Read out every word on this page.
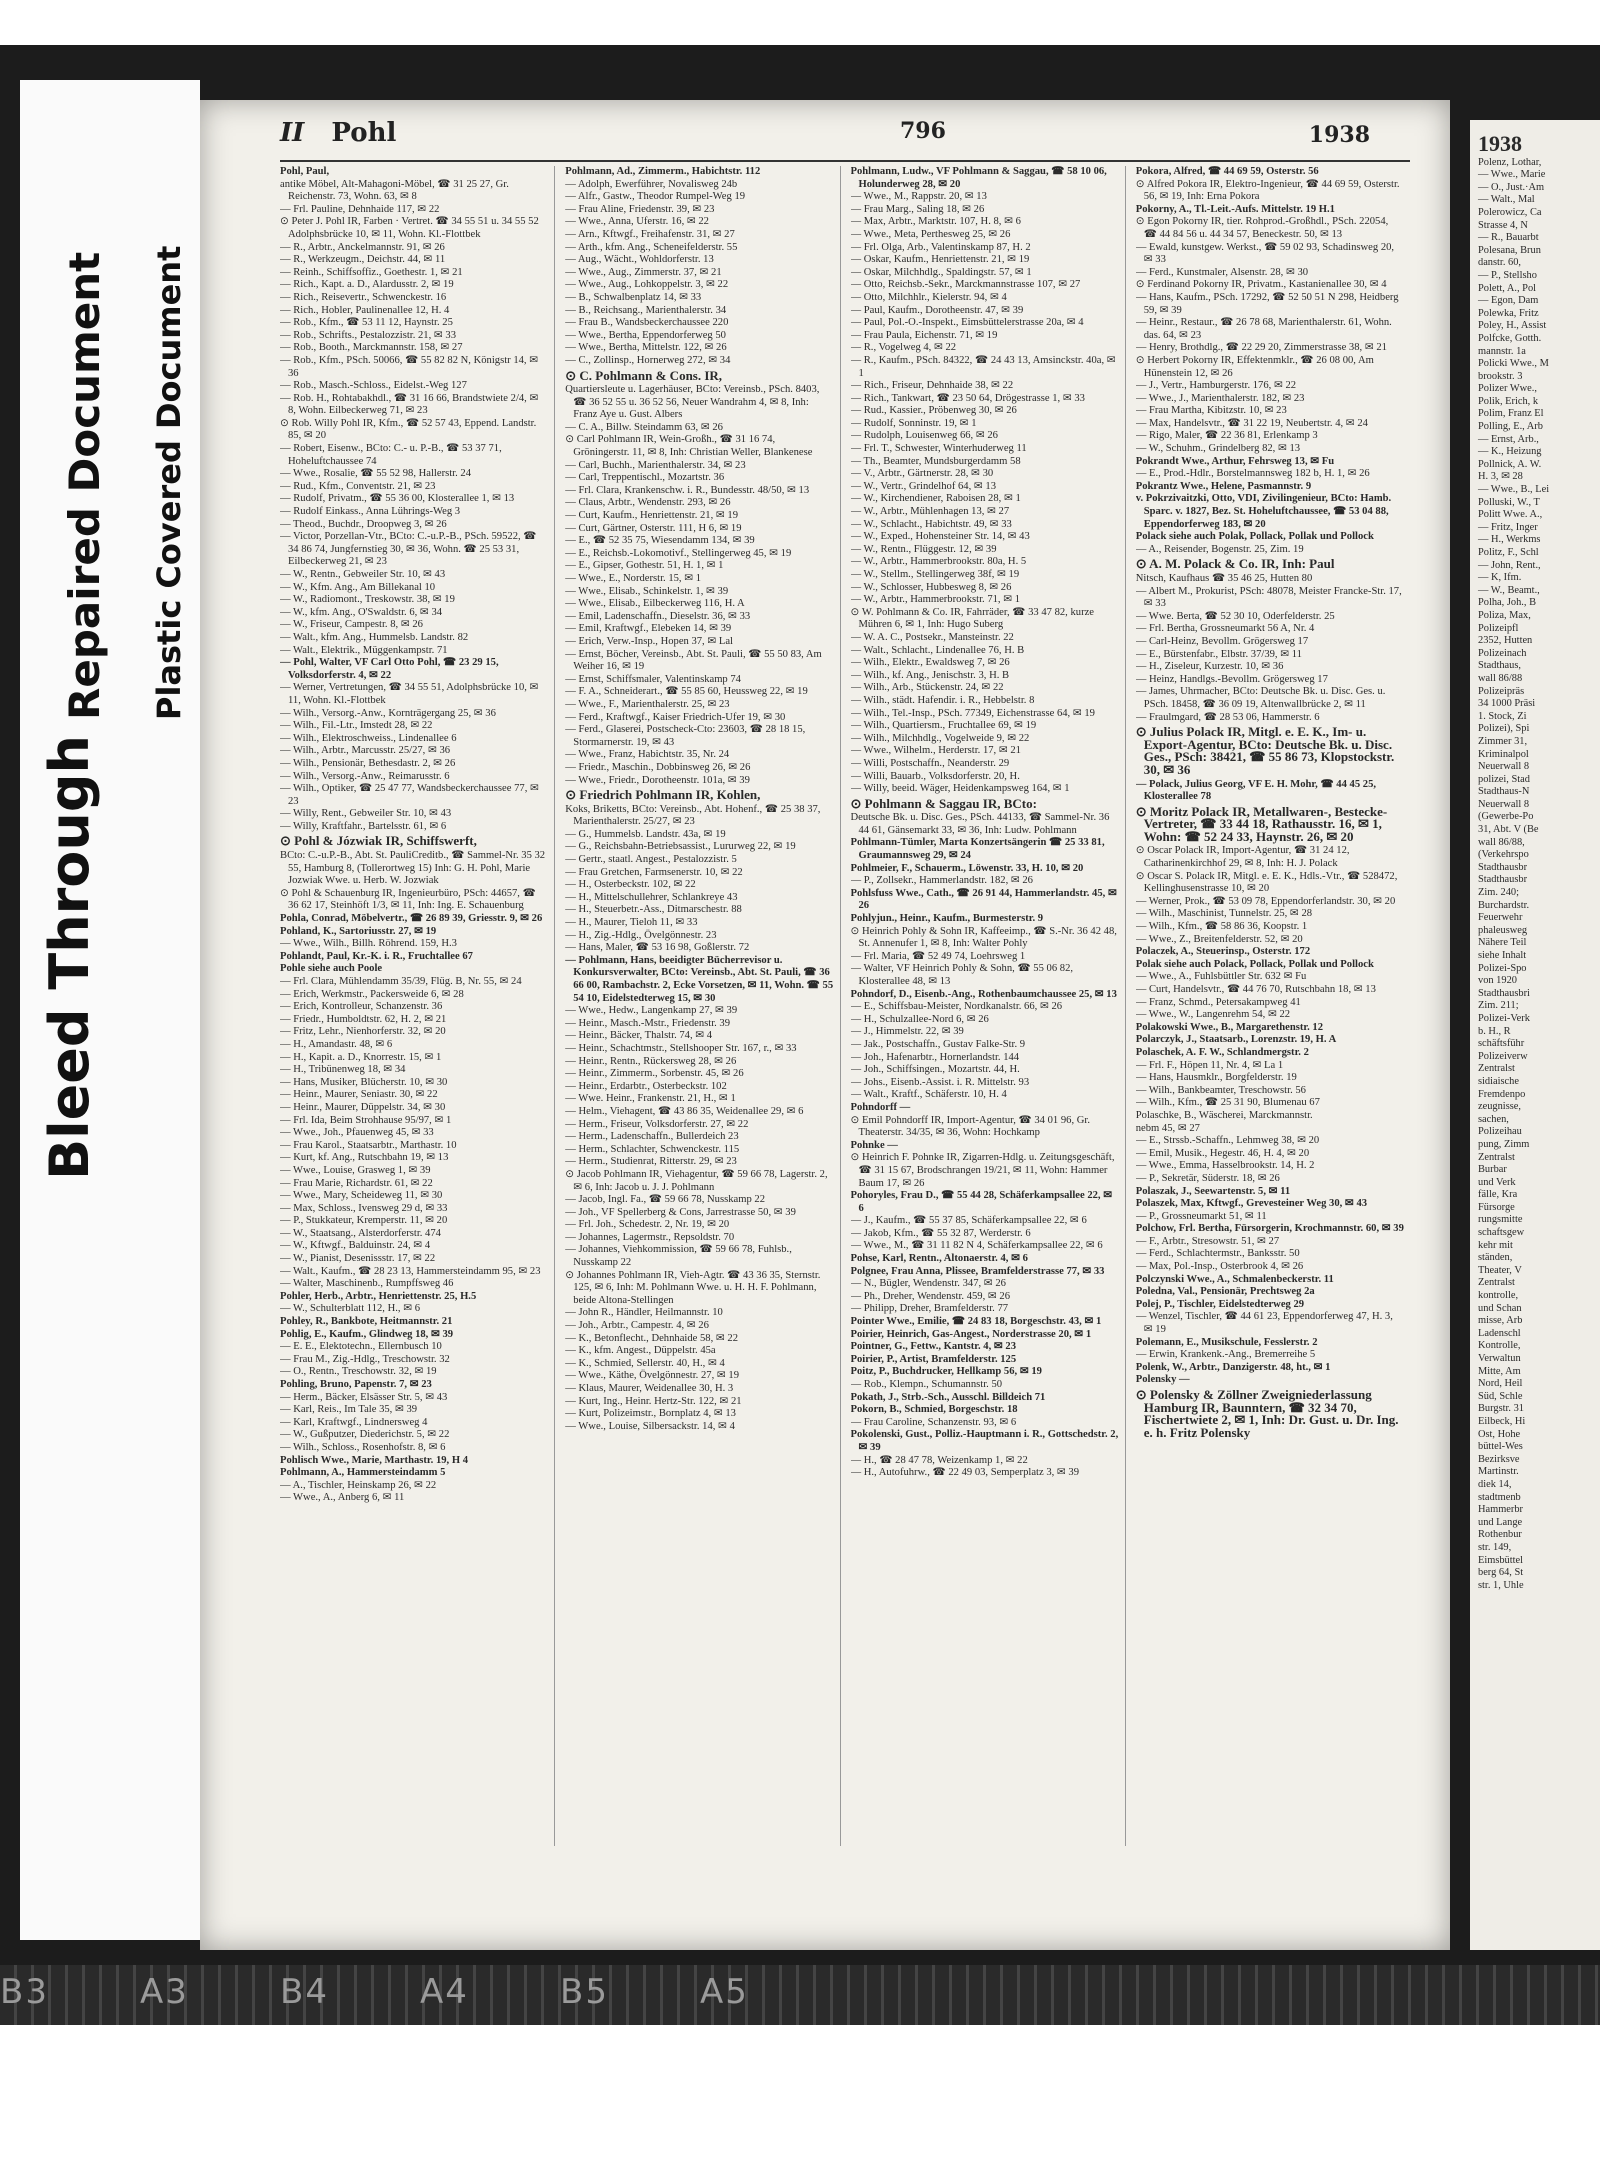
B3	A3	B4	A4	B5	A5
Bleed Through
Repaired Document Plastic Covered Document
II Pohl	796	1938

Pohl, Paul,

antike Möbel, Alt-Mahagoni-Möbel, ☎ 31 25 27, Gr. Reichenstr. 73, Wohn. 63, ✉ 8

— Frl. Pauline, Dehnhaide 117, ✉ 22

⊙ Peter J. Pohl IR, Farben · Vertret. ☎ 34 55 51 u. 34 55 52 Adolphsbrücke 10, ✉ 11, Wohn. Kl.-Flottbek

— R., Arbtr., Anckelmannstr. 91, ✉ 26

— R., Werkzeugm., Deichstr. 44, ✉ 11

— Reinh., Schiffsoffiz., Goethestr. 1, ✉ 21

— Rich., Kapt. a. D., Alardusstr. 2, ✉ 19

— Rich., Reisevertr., Schwenckestr. 16

— Rich., Hobler, Paulinenallee 12, H. 4

— Rob., Kfm., ☎ 53 11 12, Haynstr. 25

— Rob., Schrifts., Pestalozzistr. 21, ✉ 33

— Rob., Booth., Marckmannstr. 158, ✉ 27

— Rob., Kfm., PSch. 50066, ☎ 55 82 82 N, Königstr 14, ✉ 36

— Rob., Masch.-Schloss., Eidelst.-Weg 127

— Rob. H., Rohtabakhdl., ☎ 31 16 66, Brandstwiete 2/4, ✉ 8, Wohn. Eilbeckerweg 71, ✉ 23

⊙ Rob. Willy Pohl IR, Kfm., ☎ 52 57 43, Eppend. Landstr. 85, ✉ 20

— Robert, Eisenw., BCto: C.- u. P.-B., ☎ 53 37 71, Hoheluftchaussee 74

— Wwe., Rosalie, ☎ 55 52 98, Hallerstr. 24

— Rud., Kfm., Conventstr. 21, ✉ 23

— Rudolf, Privatm., ☎ 55 36 00, Klosterallee 1, ✉ 13

— Rudolf Einkass., Anna Lührings-Weg 3

— Theod., Buchdr., Droopweg 3, ✉ 26

— Victor, Porzellan-Vtr., BCto: C.-u.P.-B., PSch. 59522, ☎ 34 86 74, Jungfernstieg 30, ✉ 36, Wohn. ☎ 25 53 31, Eilbeckerweg 21, ✉ 23

— W., Rentn., Gebweiler Str. 10, ✉ 43

— W., Kfm. Ang., Am Billekanal 10

— W., Radiomont., Treskowstr. 38, ✉ 19

— W., kfm. Ang., O'Swaldstr. 6, ✉ 34

— W., Friseur, Campestr. 8, ✉ 26

— Walt., kfm. Ang., Hummelsb. Landstr. 82

— Walt., Elektrik., Müggenkampstr. 71

— Pohl, Walter, VF Carl Otto Pohl, ☎ 23 29 15, Volksdorferstr. 4, ✉ 22

— Werner, Vertretungen, ☎ 34 55 51, Adolphsbrücke 10, ✉ 11, Wohn. Kl.-Flottbek

— Wilh., Versorg.-Anw., Kornträgergang 25, ✉ 36

— Wilh., Fil.-Ltr., Imstedt 28, ✉ 22

— Wilh., Elektroschweiss., Lindenallee 6

— Wilh., Arbtr., Marcusstr. 25/27, ✉ 36

— Wilh., Pensionär, Bethesdastr. 2, ✉ 26

— Wilh., Versorg.-Anw., Reimarusstr. 6

— Wilh., Optiker, ☎ 25 47 77, Wandsbeckerchaussee 77, ✉ 23

— Willy, Rent., Gebweiler Str. 10, ✉ 43

— Willy, Kraftfahr., Bartelsstr. 61, ✉ 6

⊙ Pohl & Józwiak IR, Schiffswerft,

BCto: C.-u.P.-B., Abt. St. PauliCreditb., ☎ Sammel-Nr. 35 32 55, Hamburg 8, (Tollerortweg 15) Inh: G. H. Pohl, Marie Jozwiak Wwe. u. Herb. W. Jozwiak

⊙ Pohl & Schauenburg IR, Ingenieurbüro, PSch: 44657, ☎ 36 62 17, Steinhöft 1/3, ✉ 11, Inh: Ing. E. Schauenburg

Pohla, Conrad, Möbelvertr., ☎ 26 89 39, Griesstr. 9, ✉ 26

Pohland, K., Sartoriusstr. 27, ✉ 19

— Wwe., Wilh., Billh. Röhrend. 159, H.3

Pohlandt, Paul, Kr.-K. i. R., Fruchtallee 67

Pohle siehe auch Poole

— Frl. Clara, Mühlendamm 35/39, Flüg. B, Nr. 55, ✉ 24

— Erich, Werkmstr., Packersweide 6, ✉ 28

— Erich, Kontrolleur, Schanzenstr. 36

— Friedr., Humboldtstr. 62, H. 2, ✉ 21

— Fritz, Lehr., Nienhorferstr. 32, ✉ 20

— H., Amandastr. 48, ✉ 6

— H., Kapit. a. D., Knorrestr. 15, ✉ 1

— H., Tribünenweg 18, ✉ 34

— Hans, Musiker, Blücherstr. 10, ✉ 30

— Heinr., Maurer, Seniastr. 30, ✉ 22

— Heinr., Maurer, Düppelstr. 34, ✉ 30

— Frl. Ida, Beim Strohhause 95/97, ✉ 1

— Wwe., Joh., Pfauenweg 45, ✉ 33

— Frau Karol., Staatsarbtr., Marthastr. 10

— Kurt, kf. Ang., Rutschbahn 19, ✉ 13

— Wwe., Louise, Grasweg 1, ✉ 39

— Frau Marie, Richardstr. 61, ✉ 22

— Wwe., Mary, Scheideweg 11, ✉ 30

— Max, Schloss., Ivensweg 29 d, ✉ 33

— P., Stukkateur, Kremperstr. 11, ✉ 20

— W., Staatsang., Alsterdorferstr. 474

— W., Kftwgf., Balduinstr. 24, ✉ 4

— W., Pianist, Desenissstr. 17, ✉ 22

— Walt., Kaufm., ☎ 28 23 13, Hammersteindamm 95, ✉ 23

— Walter, Maschinenb., Rumpffsweg 46

Pohler, Herb., Arbtr., Henriettenstr. 25, H.5

— W., Schulterblatt 112, H., ✉ 6

Pohley, R., Bankbote, Heitmannstr. 21

Pohlig, E., Kaufm., Glindweg 18, ✉ 39

— E. E., Elektotechn., Ellernbusch 10

— Frau M., Zig.-Hdlg., Treschowstr. 32

— O., Rentn., Treschowstr. 32, ✉ 19

Pohling, Bruno, Papenstr. 7, ✉ 23

— Herm., Bäcker, Elsässer Str. 5, ✉ 43

— Karl, Reis., Im Tale 35, ✉ 39

— Karl, Kraftwgf., Lindnersweg 4

— W., Gußputzer, Diederichstr. 5, ✉ 22

— Wilh., Schloss., Rosenhofstr. 8, ✉ 6

Pohlisch Wwe., Marie, Marthastr. 19, H 4

Pohlmann, A., Hammersteindamm 5

— A., Tischler, Heinskamp 26, ✉ 22

— Wwe., A., Anberg 6, ✉ 11

Pohlmann, Ad., Zimmerm., Habichtstr. 112

— Adolph, Ewerführer, Novalisweg 24b

— Alfr., Gastw., Theodor Rumpel-Weg 19

— Frau Aline, Friedenstr. 39, ✉ 23

— Wwe., Anna, Uferstr. 16, ✉ 22

— Arn., Kftwgf., Freihafenstr. 31, ✉ 27

— Arth., kfm. Ang., Scheneifelderstr. 55

— Aug., Wächt., Wohldorferstr. 13

— Wwe., Aug., Zimmerstr. 37, ✉ 21

— Wwe., Aug., Lohkoppelstr. 3, ✉ 22

— B., Schwalbenplatz 14, ✉ 33

— B., Reichsang., Marienthalerstr. 34

— Frau B., Wandsbeckerchaussee 220

— Wwe., Bertha, Eppendorferweg 50

— Wwe., Bertha, Mittelstr. 122, ✉ 26

— C., Zollinsp., Hornerweg 272, ✉ 34

⊙ C. Pohlmann & Cons. IR,

Quartiersleute u. Lagerhäuser, BCto: Vereinsb., PSch. 8403, ☎ 36 52 55 u. 36 52 56, Neuer Wandrahm 4, ✉ 8, Inh: Franz Aye u. Gust. Albers

— C. A., Billw. Steindamm 63, ✉ 26

⊙ Carl Pohlmann IR, Wein-Großh., ☎ 31 16 74, Gröningerstr. 11, ✉ 8, Inh: Christian Weller, Blankenese

— Carl, Buchh., Marienthalerstr. 34, ✉ 23

— Carl, Treppentischl., Mozartstr. 36

— Frl. Clara, Krankenschw. i. R., Bundesstr. 48/50, ✉ 13

— Claus, Arbtr., Wendenstr. 293, ✉ 26

— Curt, Kaufm., Henriettenstr. 21, ✉ 19

— Curt, Gärtner, Osterstr. 111, H 6, ✉ 19

— E., ☎ 52 35 75, Wiesendamm 134, ✉ 39

— E., Reichsb.-Lokomotivf., Stellingerweg 45, ✉ 19

— E., Gipser, Gothestr. 51, H. 1, ✉ 1

— Wwe., E., Norderstr. 15, ✉ 1

— Wwe., Elisab., Schinkelstr. 1, ✉ 39

— Wwe., Elisab., Eilbeckerweg 116, H. A

— Emil, Ladenschaffn., Dieselstr. 36, ✉ 33

— Emil, Kraftwgf., Elebeken 14, ✉ 39

— Erich, Verw.-Insp., Hopen 37, ✉ Lal

— Ernst, Böcher, Vereinsb., Abt. St. Pauli, ☎ 55 50 83, Am Weiher 16, ✉ 19

— Ernst, Schiffsmaler, Valentinskamp 74

— F. A., Schneiderart., ☎ 55 85 60, Heussweg 22, ✉ 19

— Wwe., F., Marienthalerstr. 25, ✉ 23

— Ferd., Kraftwgf., Kaiser Friedrich-Ufer 19, ✉ 30

— Ferd., Glaserei, Postscheck-Cto: 23603, ☎ 28 18 15, Stormarnerstr. 19, ✉ 43

— Wwe., Franz, Habichtstr. 35, Nr. 24

— Friedr., Maschin., Dobbinsweg 26, ✉ 26

— Wwe., Friedr., Dorotheenstr. 101a, ✉ 39

⊙ Friedrich Pohlmann IR, Kohlen,

Koks, Briketts, BCto: Vereinsb., Abt. Hohenf., ☎ 25 38 37, Marienthalerstr. 25/27, ✉ 23

— G., Hummelsb. Landstr. 43a, ✉ 19

— G., Reichsbahn-Betriebsassist., Lururweg 22, ✉ 19

— Gertr., staatl. Angest., Pestalozzistr. 5

— Frau Gretchen, Farmsenerstr. 10, ✉ 22

— H., Osterbeckstr. 102, ✉ 22

— H., Mittelschullehrer, Schlankreye 43

— H., Steuerbetr.-Ass., Ditmarschestr. 88

— H., Maurer, Tieloh 11, ✉ 33

— H., Zig.-Hdlg., Övelgönnestr. 23

— Hans, Maler, ☎ 53 16 98, Goßlerstr. 72

— Pohlmann, Hans, beeidigter Bücherrevisor u. Konkursverwalter, BCto: Vereinsb., Abt. St. Pauli, ☎ 36 66 00, Rambachstr. 2, Ecke Vorsetzen, ✉ 11, Wohn. ☎ 55 54 10, Eidelstedterweg 15, ✉ 30

— Wwe., Hedw., Langenkamp 27, ✉ 39

— Heinr., Masch.-Mstr., Friedenstr. 39

— Heinr., Bäcker, Thalstr. 74, ✉ 4

— Heinr., Schachtmstr., Stellshooper Str. 167, r., ✉ 33

— Heinr., Rentn., Rückersweg 28, ✉ 26

— Heinr., Zimmerm., Sorbenstr. 45, ✉ 26

— Heinr., Erdarbtr., Osterbeckstr. 102

— Wwe. Heinr., Frankenstr. 21, H., ✉ 1

— Helm., Viehagent, ☎ 43 86 35, Weidenallee 29, ✉ 6

— Herm., Friseur, Volksdorferstr. 27, ✉ 22

— Herm., Ladenschaffn., Bullerdeich 23

— Herm., Schlachter, Schwenckestr. 115

— Herm., Studienrat, Ritterstr. 29, ✉ 23

⊙ Jacob Pohlmann IR, Viehagentur, ☎ 59 66 78, Lagerstr. 2, ✉ 6, Inh: Jacob u. J. J. Pohlmann

— Jacob, Ingl. Fa., ☎ 59 66 78, Nusskamp 22

— Joh., VF Spellerberg & Cons, Jarrestrasse 50, ✉ 39

— Frl. Joh., Schedestr. 2, Nr. 19, ✉ 20

— Johannes, Lagermstr., Repsoldstr. 70

— Johannes, Viehkommission, ☎ 59 66 78, Fuhlsb., Nusskamp 22

⊙ Johannes Pohlmann IR, Vieh-Agtr. ☎ 43 36 35, Sternstr. 125, ✉ 6, Inh: M. Pohlmann Wwe. u. H. H. F. Pohlmann, beide Altona-Stellingen

— John R., Händler, Heilmannstr. 10

— Joh., Arbtr., Campestr. 4, ✉ 26

— K., Betonflecht., Dehnhaide 58, ✉ 22

— K., kfm. Angest., Düppelstr. 45a

— K., Schmied, Sellerstr. 40, H., ✉ 4

— Wwe., Käthe, Övelgönnestr. 27, ✉ 19

— Klaus, Maurer, Weidenallee 30, H. 3

— Kurt, Ing., Heinr. Hertz-Str. 122, ✉ 21

— Kurt, Polizeimstr., Bornplatz 4, ✉ 13

— Wwe., Louise, Silbersackstr. 14, ✉ 4

Pohlmann, Ludw., VF Pohlmann & Saggau, ☎ 58 10 06, Holunderweg 28, ✉ 20

— Wwe., M., Rappstr. 20, ✉ 13

— Frau Marg., Saling 18, ✉ 26

— Max, Arbtr., Marktstr. 107, H. 8, ✉ 6

— Wwe., Meta, Perthesweg 25, ✉ 26

— Frl. Olga, Arb., Valentinskamp 87, H. 2

— Oskar, Kaufm., Henriettenstr. 21, ✉ 19

— Oskar, Milchhdlg., Spaldingstr. 57, ✉ 1

— Otto, Reichsb.-Sekr., Marckmannstrasse 107, ✉ 27

— Otto, Milchhlr., Kielerstr. 94, ✉ 4

— Paul, Kaufm., Dorotheenstr. 47, ✉ 39

— Paul, Pol.-O.-Inspekt., Eimsbüttelerstrasse 20a, ✉ 4

— Frau Paula, Eichenstr. 71, ✉ 19

— R., Vogelweg 4, ✉ 22

— R., Kaufm., PSch. 84322, ☎ 24 43 13, Amsinckstr. 40a, ✉ 1

— Rich., Friseur, Dehnhaide 38, ✉ 22

— Rich., Tankwart, ☎ 23 50 64, Drögestrasse 1, ✉ 33

— Rud., Kassier., Pröbenweg 30, ✉ 26

— Rudolf, Sonninstr. 19, ✉ 1

— Rudolph, Louisenweg 66, ✉ 26

— Frl. T., Schwester, Winterhuderweg 11

— Th., Beamter, Mundsburgerdamm 58

— V., Arbtr., Gärtnerstr. 28, ✉ 30

— W., Vertr., Grindelhof 64, ✉ 13

— W., Kirchendiener, Raboisen 28, ✉ 1

— W., Arbtr., Mühlenhagen 13, ✉ 27

— W., Schlacht., Habichtstr. 49, ✉ 33

— W., Exped., Hohensteiner Str. 14, ✉ 43

— W., Rentn., Flüggestr. 12, ✉ 39

— W., Arbtr., Hammerbrookstr. 80a, H. 5

— W., Stellm., Stellingerweg 38f, ✉ 19

— W., Schlosser, Hubbesweg 8, ✉ 26

— W., Arbtr., Hammerbrookstr. 71, ✉ 1

⊙ W. Pohlmann & Co. IR, Fahrräder, ☎ 33 47 82, kurze Mühren 6, ✉ 1, Inh: Hugo Suberg

— W. A. C., Postsekr., Mansteinstr. 22

— Walt., Schlacht., Lindenallee 76, H. B

— Wilh., Elektr., Ewaldsweg 7, ✉ 26

— Wilh., kf. Ang., Jenischstr. 3, H. B

— Wilh., Arb., Stückenstr. 24, ✉ 22

— Wilh., städt. Hafendir. i. R., Hebbelstr. 8

— Wilh., Tel.-Insp., PSch. 77349, Eichenstrasse 64, ✉ 19

— Wilh., Quartiersm., Fruchtallee 69, ✉ 19

— Wilh., Milchhdlg., Vogelweide 9, ✉ 22

— Wwe., Wilhelm., Herderstr. 17, ✉ 21

— Willi, Postschaffn., Neanderstr. 29

— Willi, Bauarb., Volksdorferstr. 20, H.

— Willy, beeid. Wäger, Heidenkampsweg 164, ✉ 1

⊙ Pohlmann & Saggau IR, BCto:

Deutsche Bk. u. Disc. Ges., PSch. 44133, ☎ Sammel-Nr. 36 44 61, Gänsemarkt 33, ✉ 36, Inh: Ludw. Pohlmann

Pohlmann-Tümler, Marta Konzertsängerin ☎ 25 33 81, Graumannsweg 29, ✉ 24

Pohlmeier, F., Schauerm., Löwenstr. 33, H. 10, ✉ 20

— P., Zollsekr., Hammerlandstr. 182, ✉ 26

Pohlsfuss Wwe., Cath., ☎ 26 91 44, Hammerlandstr. 45, ✉ 26

Pohlyjun., Heinr., Kaufm., Burmesterstr. 9

⊙ Heinrich Pohly & Sohn IR, Kaffeeimp., ☎ S.-Nr. 36 42 48, St. Annenufer 1, ✉ 8, Inh: Walter Pohly

— Frl. Maria, ☎ 52 49 74, Loehrsweg 1

— Walter, VF Heinrich Pohly & Sohn, ☎ 55 06 82, Klosterallee 48, ✉ 13

Pohndorf, D., Eisenb.-Ang., Rothenbaumchaussee 25, ✉ 13

— E., Schiffsbau-Meister, Nordkanalstr. 66, ✉ 26

— H., Schulzallee-Nord 6, ✉ 26

— J., Himmelstr. 22, ✉ 39

— Jak., Postschaffn., Gustav Falke-Str. 9

— Joh., Hafenarbtr., Hornerlandstr. 144

— Joh., Schiffsingen., Mozartstr. 44, H.

— Johs., Eisenb.-Assist. i. R. Mittelstr. 93

— Walt., Kraftf., Schäferstr. 10, H. 4

Pohndorff —

⊙ Emil Pohndorff IR, Import-Agentur, ☎ 34 01 96, Gr. Theaterstr. 34/35, ✉ 36, Wohn: Hochkamp

Pohnke —

⊙ Heinrich F. Pohnke IR, Zigarren-Hdlg. u. Zeitungsgeschäft, ☎ 31 15 67, Brodschrangen 19/21, ✉ 11, Wohn: Hammer Baum 17, ✉ 26

Pohoryles, Frau D., ☎ 55 44 28, Schäferkampsallee 22, ✉ 6

— J., Kaufm., ☎ 55 37 85, Schäferkampsallee 22, ✉ 6

— Jakob, Kfm., ☎ 55 32 87, Werderstr. 6

— Wwe., M., ☎ 31 11 82 N 4, Schäferkampsallee 22, ✉ 6

Pohse, Karl, Rentn., Altonaerstr. 4, ✉ 6

Polgnee, Frau Anna, Plissee, Bramfelderstrasse 77, ✉ 33

— N., Bügler, Wendenstr. 347, ✉ 26

— Ph., Dreher, Wendenstr. 459, ✉ 26

— Philipp, Dreher, Bramfelderstr. 77

Pointer Wwe., Emilie, ☎ 24 83 18, Borgeschstr. 43, ✉ 1

Poirier, Heinrich, Gas-Angest., Norderstrasse 20, ✉ 1

Pointner, G., Fettw., Kantstr. 4, ✉ 23

Poirier, P., Artist, Bramfelderstr. 125

Poitz, P., Buchdrucker, Hellkamp 56, ✉ 19

— Rob., Klempn., Schumannstr. 50

Pokath, J., Strb.-Sch., Ausschl. Billdeich 71

Pokorn, B., Schmied, Borgeschstr. 18

— Frau Caroline, Schanzenstr. 93, ✉ 6

Pokolenski, Gust., Polliz.-Hauptmann i. R., Gottschedstr. 2, ✉ 39

— H., ☎ 28 47 78, Weizenkamp 1, ✉ 22

— H., Autofuhrw., ☎ 22 49 03, Semperplatz 3, ✉ 39

Pokora, Alfred, ☎ 44 69 59, Osterstr. 56

⊙ Alfred Pokora IR, Elektro-Ingenieur, ☎ 44 69 59, Osterstr. 56, ✉ 19, Inh: Erna Pokora

Pokorny, A., Tl.-Leit.-Aufs. Mittelstr. 19 H.1

⊙ Egon Pokorny IR, tier. Rohprod.-Großhdl., PSch. 22054, ☎ 44 84 56 u. 44 34 57, Beneckestr. 50, ✉ 13

— Ewald, kunstgew. Werkst., ☎ 59 02 93, Schadinsweg 20, ✉ 33

— Ferd., Kunstmaler, Alsenstr. 28, ✉ 30

⊙ Ferdinand Pokorny IR, Privatm., Kastanienallee 30, ✉ 4

— Hans, Kaufm., PSch. 17292, ☎ 52 50 51 N 298, Heidberg 59, ✉ 39

— Heinr., Restaur., ☎ 26 78 68, Marienthalerstr. 61, Wohn. das. 64, ✉ 23

— Henry, Brothdlg., ☎ 22 29 20, Zimmerstrasse 38, ✉ 21

⊙ Herbert Pokorny IR, Effektenmklr., ☎ 26 08 00, Am Hünenstein 12, ✉ 26

— J., Vertr., Hamburgerstr. 176, ✉ 22

— Wwe., J., Marienthalerstr. 182, ✉ 23

— Frau Martha, Kibitzstr. 10, ✉ 23

— Max, Handelsvtr., ☎ 31 22 19, Neubertstr. 4, ✉ 24

— Rigo, Maler, ☎ 22 36 81, Erlenkamp 3

— W., Schuhm., Grindelberg 82, ✉ 13

Pokrandt Wwe., Arthur, Fehrsweg 13, ✉ Fu

— E., Prod.-Hdlr., Borstelmannsweg 182 b, H. 1, ✉ 26

Pokrantz Wwe., Helene, Pasmannstr. 9

v. Pokrzivaitzki, Otto, VDI, Zivilingenieur, BCto: Hamb. Sparc. v. 1827, Bez. St. Hoheluftchaussee, ☎ 53 04 88, Eppendorferweg 183, ✉ 20

Polack siehe auch Polak, Pollack, Pollak und Pollock

— A., Reisender, Bogenstr. 25, Zim. 19

⊙ A. M. Polack & Co. IR, Inh: Paul

Nitsch, Kaufhaus ☎ 35 46 25, Hutten 80

— Albert M., Prokurist, PSch: 48078, Meister Francke-Str. 17, ✉ 33

— Wwe. Berta, ☎ 52 30 10, Oderfelderstr. 25

— Frl. Bertha, Grossneumarkt 56 A, Nr. 4

— Carl-Heinz, Bevollm. Grögersweg 17

— E., Bürstenfabr., Elbstr. 37/39, ✉ 11

— H., Ziseleur, Kurzestr. 10, ✉ 36

— Heinz, Handlgs.-Bevollm. Grögersweg 17

— James, Uhrmacher, BCto: Deutsche Bk. u. Disc. Ges. u. PSch. 18458, ☎ 36 09 19, Altenwallbrücke 2, ✉ 11

— Fraulmgard, ☎ 28 53 06, Hammerstr. 6

⊙ Julius Polack IR, Mitgl. e. E. K., Im- u. Export-Agentur, BCto: Deutsche Bk. u. Disc. Ges., PSch: 38421, ☎ 55 86 73, Klopstockstr. 30, ✉ 36

— Polack, Julius Georg, VF E. H. Mohr, ☎ 44 45 25, Klosterallee 78

⊙ Moritz Polack IR, Metallwaren-, Bestecke-Vertreter, ☎ 33 44 18, Rathausstr. 16, ✉ 1, Wohn: ☎ 52 24 33, Haynstr. 26, ✉ 20

⊙ Oscar Polack IR, Import-Agentur, ☎ 31 24 12, Catharinenkirchhof 29, ✉ 8, Inh: H. J. Polack

⊙ Oscar S. Polack IR, Mitgl. e. E. K., Hdls.-Vtr., ☎ 528472, Kellinghusenstrasse 10, ✉ 20

— Werner, Prok., ☎ 53 09 78, Eppendorferlandstr. 30, ✉ 20

— Wilh., Maschinist, Tunnelstr. 25, ✉ 28

— Wilh., Kfm., ☎ 58 86 36, Koopstr. 1

— Wwe., Z., Breitenfelderstr. 52, ✉ 20

Polaczek, A., Steuerinsp., Osterstr. 172

Polak siehe auch Polack, Pollack, Pollak und Pollock

— Wwe., A., Fuhlsbüttler Str. 632 ✉ Fu

— Curt, Handelsvtr., ☎ 44 76 70, Rutschbahn 18, ✉ 13

— Franz, Schmd., Petersakampweg 41

— Wwe., W., Langenrehm 54, ✉ 22

Polakowski Wwe., B., Margarethenstr. 12

Polarczyk, J., Staatsarb., Lorenzstr. 19, H. A

Polaschek, A. F. W., Schlandmergstr. 2

— Frl. F., Höpen 11, Nr. 4, ✉ La 1

— Hans, Hausmklr., Borgfelderstr. 19

— Wilh., Bankbeamter, Treschowstr. 56

— Wilh., Kfm., ☎ 25 31 90, Blumenau 67

Polaschke, B., Wäscherei, Marckmannstr.

nebm 45, ✉ 27

— E., Strssb.-Schaffn., Lehmweg 38, ✉ 20

— Emil, Musik., Hegestr. 46, H. 4, ✉ 20

— Wwe., Emma, Hasselbrookstr. 14, H. 2

— P., Sekretär, Süderstr. 18, ✉ 26

Polaszak, J., Seewartenstr. 5, ✉ 11

Polaszek, Max, Kftwgf., Grevesteiner Weg 30, ✉ 43

— P., Grossneumarkt 51, ✉ 11

Polchow, Frl. Bertha, Fürsorgerin, Krochmannstr. 60, ✉ 39

— F., Arbtr., Stresowstr. 51, ✉ 27

— Ferd., Schlachtermstr., Banksstr. 50

— Max, Pol.-Insp., Osterbrook 4, ✉ 26

Polczynski Wwe., A., Schmalenbeckerstr. 11

Poledna, Val., Pensionär, Prechtsweg 2a

Polej, P., Tischler, Eidelstedterweg 29

— Wenzel, Tischler, ☎ 44 61 23, Eppendorferweg 47, H. 3, ✉ 19

Polemann, E., Musikschule, Fesslerstr. 2

— Erwin, Krankenk.-Ang., Bremerreihe 5

Polenk, W., Arbtr., Danzigerstr. 48, ht., ✉ 1

Polensky —

⊙ Polensky & Zöllner Zweigniederlassung Hamburg IR, Baunntern, ☎ 32 34 70, Fischertwiete 2, ✉ 1, Inh: Dr. Gust. u. Dr. Ing. e. h. Fritz Polensky

1938
Polenz, Lothar,
— Wwe., Marie
— O., Just.·Am
— Walt., Mal
Polerowicz, Ca
Strasse 4, N
— R., Bauarbt
Polesana, Brun
danstr. 60,
— P., Stellsho
Polett, A., Pol
— Egon, Dam
Polewka, Fritz
Poley, H., Assist
Polfcke, Gotth.
mannstr. 1a
Policki Wwe., M
brookstr. 3
Polizer Wwe.,
Polik, Erich, k
Polim, Franz El
Polling, E., Arb
— Ernst, Arb.,
— K., Heizung
Pollnick, A. W.
H. 3, ✉ 28
— Wwe., B., Lei
Polluski, W., T
Politt Wwe. A.,
— Fritz, Inger
— H., Werkms
Politz, F., Schl
— John, Rent.,
— K, Ifm.
— W., Beamt.,
Polha, Joh., B
Poliza, Max,
Polizeipfl
2352, Hutten
Polizeinach
Stadthaus,
wall 86/88
Polizeipräs
34 1000 Präsi
1. Stock, Zi
Polizei), Spi
Zimmer 31,
Kriminalpol
Neuerwall 8
polizei, Stad
Stadthaus-N
Neuerwall 8
(Gewerbe-Po
31, Abt. V (Be
wall 86/88,
(Verkehrspo
Stadthausbr
Stadthausbr
Zim. 240;
Burchardstr.
Feuerwehr
phaleusweg
Nähere Teil
siehe Inhalt
Polizei-Spo
von 1920
Stadthausbri
Zim. 211;
Polizei-Verk
b. H., R
schäftsführ
Polizeiverw
Zentralst
sidiaische
Fremdenpo
zeugnisse,
sachen,
Polizeihau
pung, Zimm
Zentralst
Burbar
und Verk
fälle, Kra
Fürsorge
rungsmitte
schaftsgew
kehr mit
ständen,
Theater, V
Zentralst
kontrolle,
und Schan
misse, Arb
Ladenschl
Kontrolle,
Verwaltun
Mitte, Am
Nord, Heil
Süd, Schle
Burgstr. 31
Eilbeck, Hi
Ost, Hohe
büttel-Wes
Bezirksve
Martinstr.
diek 14,
stadtmenb
Hammerbr
und Lange
Rothenbur
str. 149,
Eimsbüttel
berg 64, St
str. 1, Uhle
